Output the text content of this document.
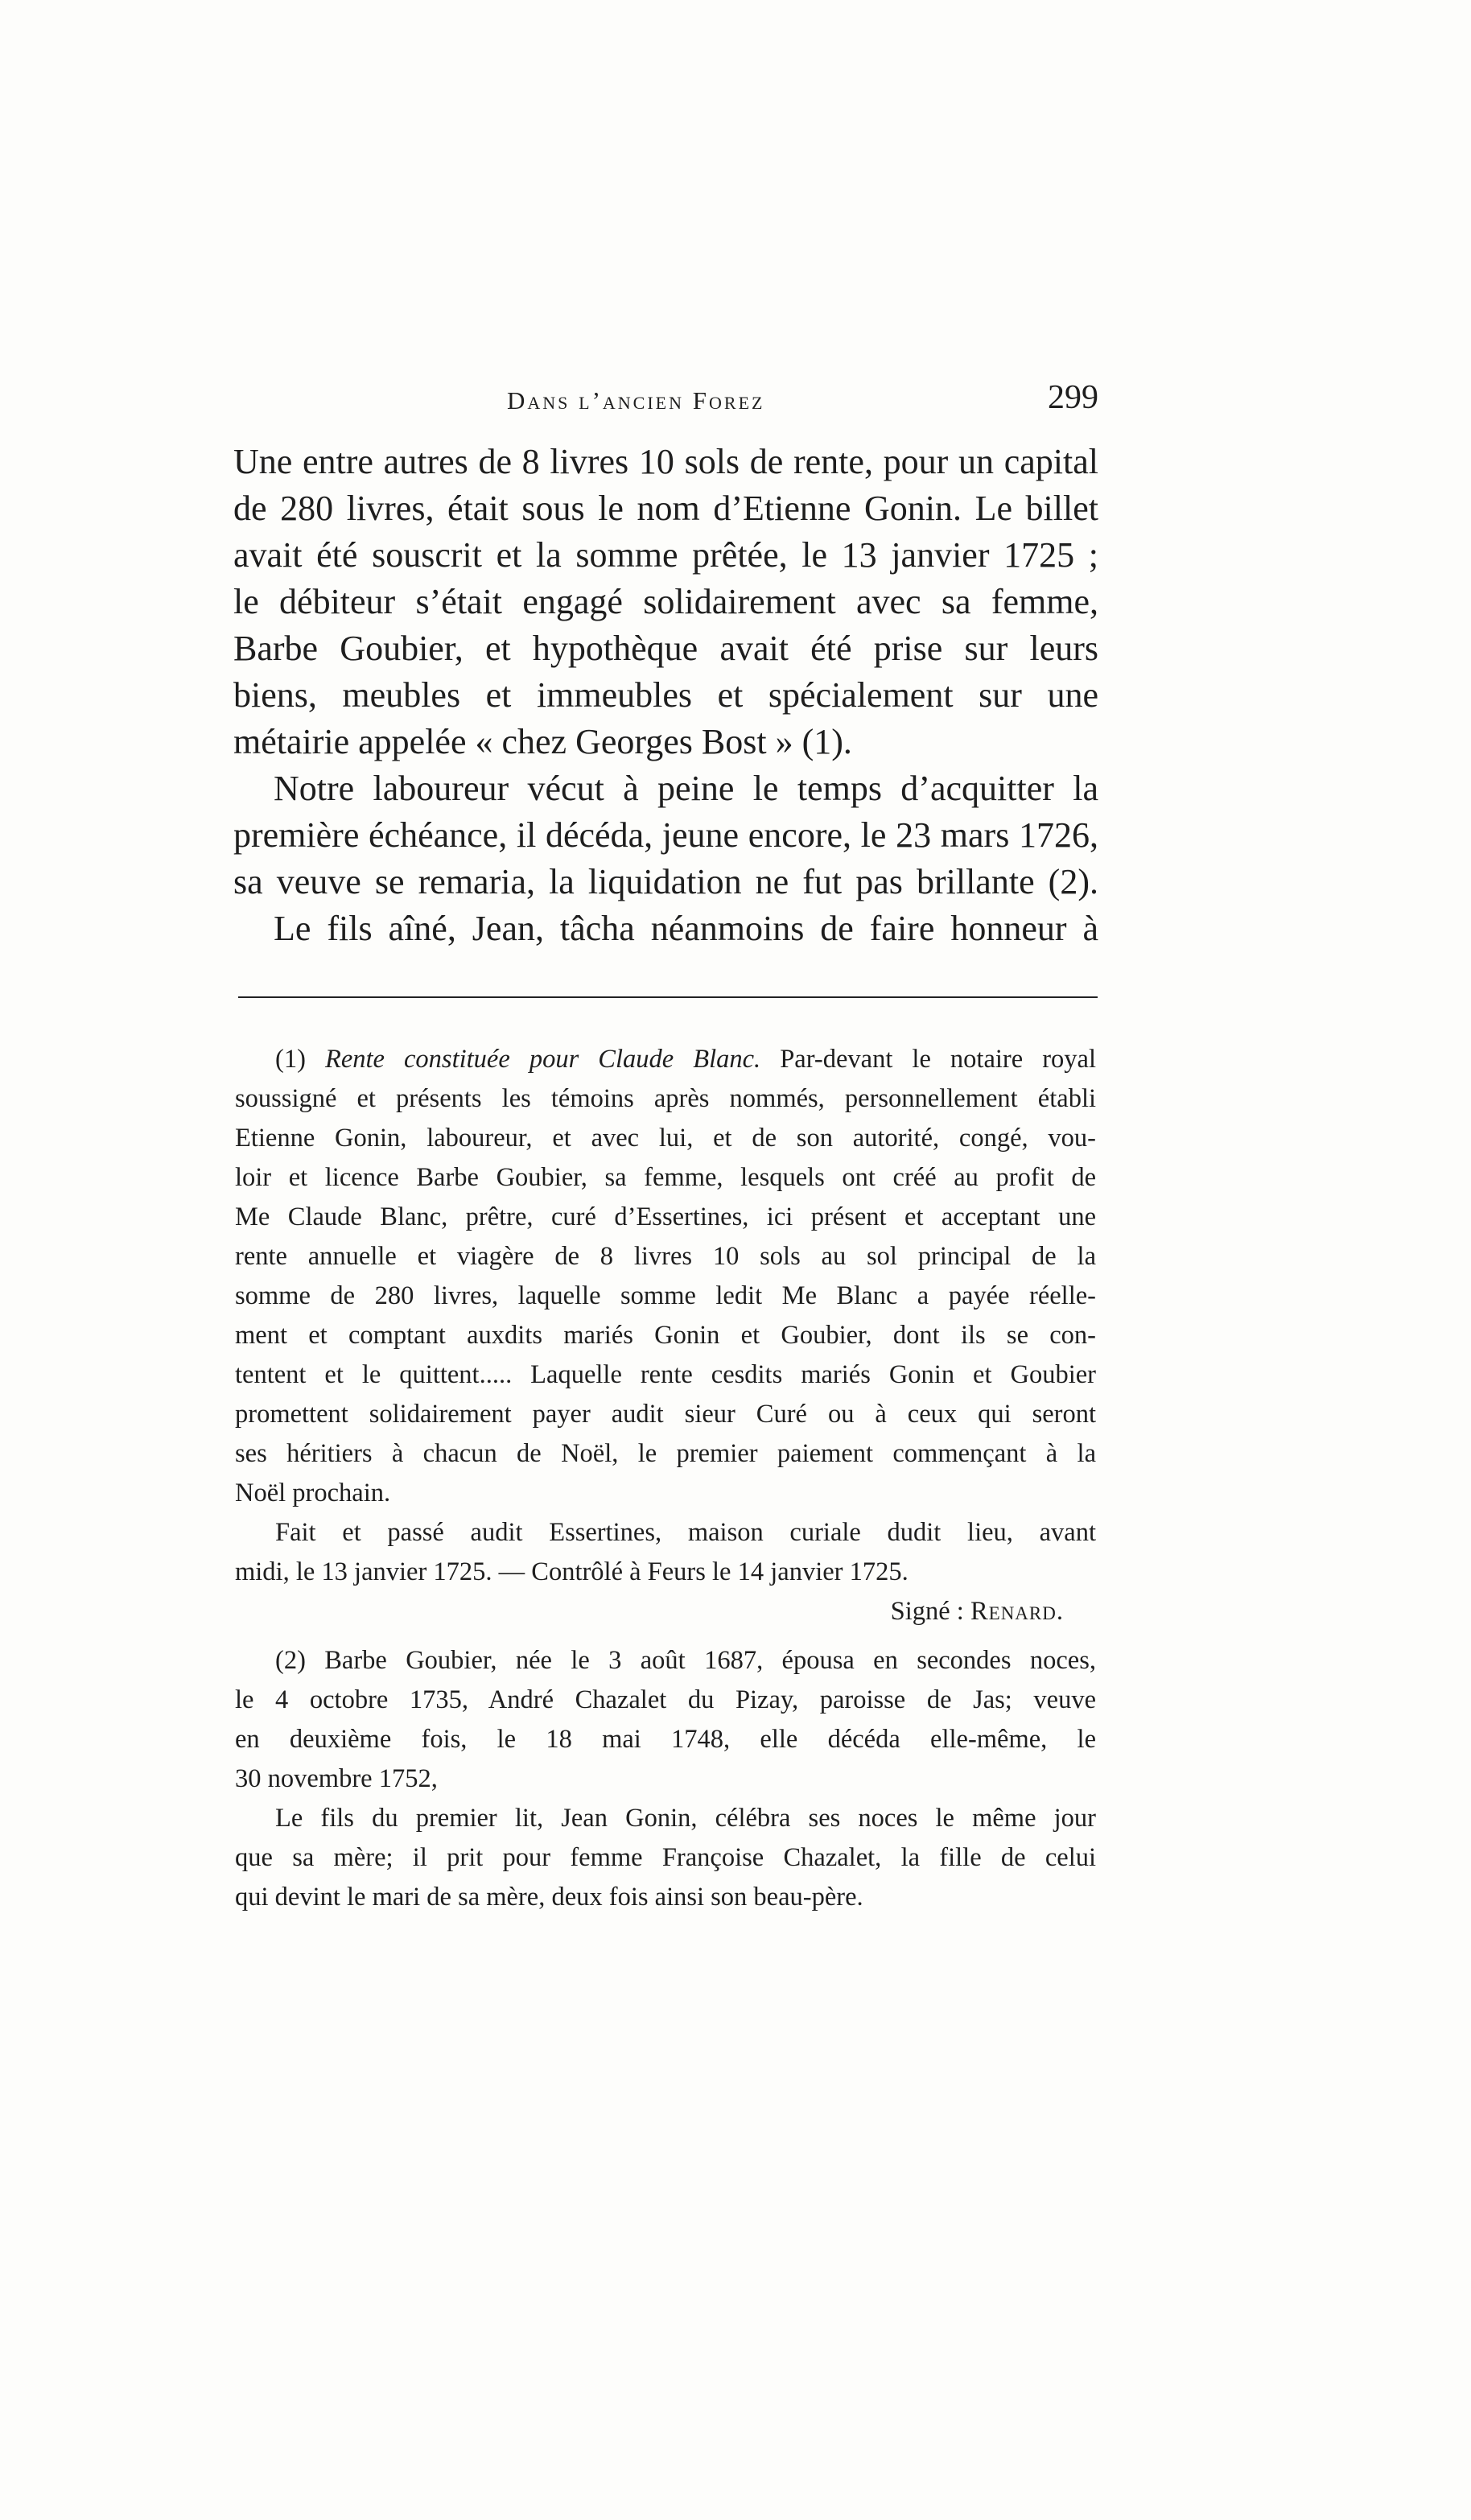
Dans l’ancien Forez	299
Une entre autres de 8 livres 10 sols de rente, pour un capital
de 280 livres, était sous le nom d’Etienne Gonin. Le billet
avait été souscrit et la somme prêtée, le 13 janvier 1725 ;
le débiteur s’était engagé solidairement avec sa femme,
Barbe Goubier, et hypothèque avait été prise sur leurs
biens, meubles et immeubles et spécialement sur une
métairie appelée « chez Georges Bost » (1).
Notre laboureur vécut à peine le temps d’acquitter la
première échéance, il décéda, jeune encore, le 23 mars 1726,
sa veuve se remaria, la liquidation ne fut pas brillante (2).
Le fils aîné, Jean, tâcha néanmoins de faire honneur à
(1) Rente constituée pour Claude Blanc. Par-devant le notaire royal
soussigné et présents les témoins après nommés, personnellement établi
Etienne Gonin, laboureur, et avec lui, et de son autorité, congé, vou-
loir et licence Barbe Goubier, sa femme, lesquels ont créé au profit de
Me Claude Blanc, prêtre, curé d’Essertines, ici présent et acceptant une
rente annuelle et viagère de 8 livres 10 sols au sol principal de la
somme de 280 livres, laquelle somme ledit Me Blanc a payée réelle-
ment et comptant auxdits mariés Gonin et Goubier, dont ils se con-
tentent et le quittent..... Laquelle rente cesdits mariés Gonin et Goubier
promettent solidairement payer audit sieur Curé ou à ceux qui seront
ses héritiers à chacun de Noël, le premier paiement commençant à la
Noël prochain.
Fait et passé audit Essertines, maison curiale dudit lieu, avant
midi, le 13 janvier 1725. — Contrôlé à Feurs le 14 janvier 1725.
Signé : Renard.
(2) Barbe Goubier, née le 3 août 1687, épousa en secondes noces,
le 4 octobre 1735, André Chazalet du Pizay, paroisse de Jas; veuve
en deuxième fois, le 18 mai 1748, elle décéda elle-même, le
30 novembre 1752,
Le fils du premier lit, Jean Gonin, célébra ses noces le même jour
que sa mère; il prit pour femme Françoise Chazalet, la fille de celui
qui devint le mari de sa mère, deux fois ainsi son beau-père.
